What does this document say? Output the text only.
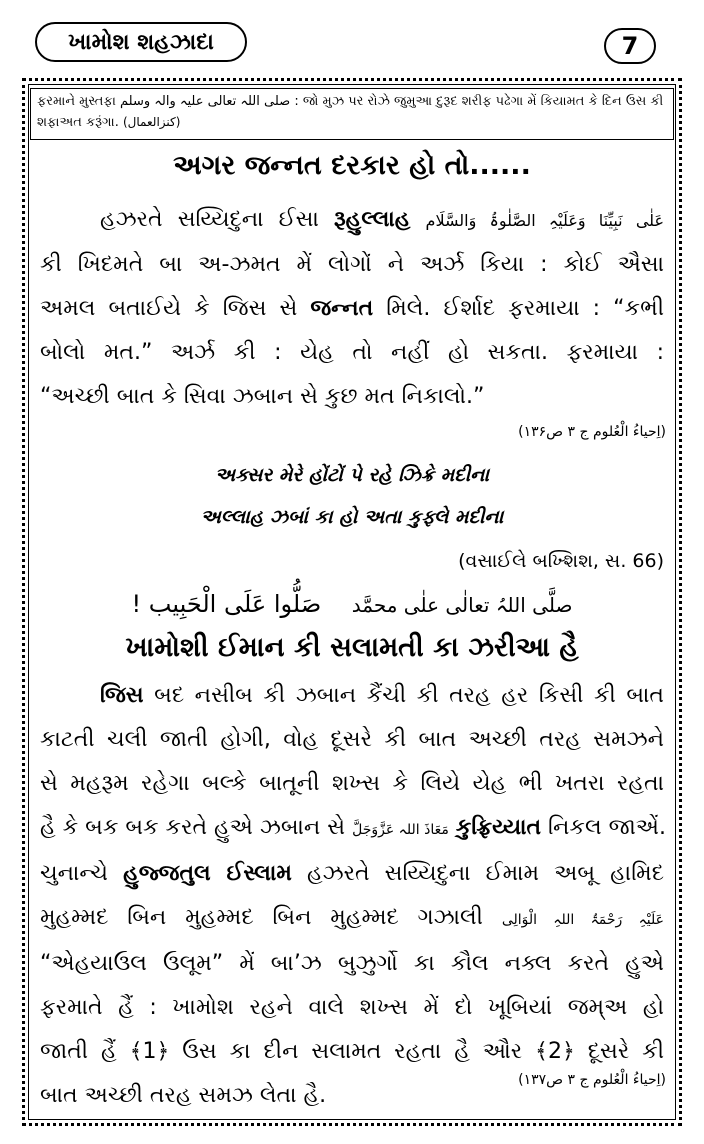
ખામોશ શહઝાદા	7
ફરમાને મુસ્તફા صلی اللہ تعالی علیہ والہ وسلم : જો મુઝ પર રોઝે જુમુઆ દુરૂદ શરીફ પઢેગા મેં કિયામત કે દિન ઉસ કી
શફાઅત કરૂંગા. (کنزالعمال)
અગર જન્નત દરકાર હો તો......
હઝરતે સય્યિદુના ઈસા રૂહુલ્લાહ عَلٰی نَبِیِّنَا وَعَلَیْہِ الصَّلٰوۃُ وَالسَّلَام
કી ખિદમતે બા અ-ઝમત મેં લોગોં ને અર્ઝ કિયા : કોઈ ઐસા
અમલ બતાઈયે કે જિસ સે જન્નત મિલે. ઈર્શાદ ફરમાયા : “કભી
બોલો મત.” અર્ઝ કી : યેહ તો નહીં હો સકતા. ફરમાયા :
“અચ્છી બાત કે સિવા ઝબાન સે કુછ મત નિકાલો.”
(اِحیاءُ الْعُلوم ج ۳ ص۱۳۶)
અક્સર મેરે હોંટોં પે રહે ઝિક્રે મદીના
અલ્લાહ ઝબાં કા હો અતા કુફ્લે મદીના
(વસાઈલે બખ્શિશ, સ. 66)
صَلُّوا عَلَی الْحَبِیب ! صلَّی اللہُ تعالٰی علٰی محمَّد
ખામોશી ઈમાન કી સલામતી કા ઝરીઆ હૈ
જિસ બદ નસીબ કી ઝબાન કૈંચી કી તરહ હર કિસી કી બાત
કાટતી ચલી જાતી હોગી, વોહ દૂસરે કી બાત અચ્છી તરહ સમઝને
સે મહરૂમ રહેગા બલ્કે બાતૂની શખ્સ કે લિયે યેહ ભી ખતરા રહતા
હૈ કે બક બક કરતે હુએ ઝબાન સે مَعَاذَ اللہ عَزَّوَجَلَّ કુફ્રિય્યાત નિકલ જાએં.
ચુનાન્ચે હુજ્જતુલ ઈસ્લામ હઝરતે સય્યિદુના ઈમામ અબૂ હામિદ
મુહમ્મદ બિન મુહમ્મદ બિન મુહમ્મદ ગઝાલી عَلَیْہِ رَحْمَۃُ اللہِ الْوَالِی
“એહયાઉલ ઉલૂમ” મેં બા’ઝ બુઝુર્ગો કા કૌલ નક્લ કરતે હુએ
ફરમાતે હૈં : ખામોશ રહને વાલે શખ્સ મેં દો ખૂબિયાં જમ્અ હો
જાતી હૈં ﴾1﴿ ઉસ કા દીન સલામત રહતા હૈ ઔર ﴾2﴿ દૂસરે કી
બાત અચ્છી તરહ સમઝ લેતા હૈ.
(اِحیاءُ الْعُلوم ج ۳ ص۱۳۷)
